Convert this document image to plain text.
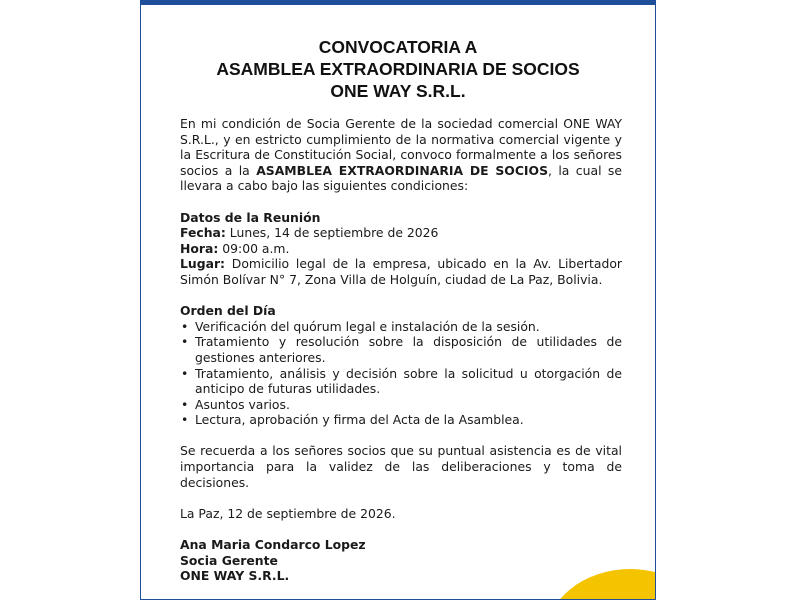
CONVOCATORIA A
ASAMBLEA EXTRAORDINARIA DE SOCIOS
ONE WAY S.R.L.

En mi condición de Socia Gerente de la sociedad comercial ONE WAY S.R.L., y en estricto cumplimiento de la normativa comercial vigente y la Escritura de Constitución Social, convoco formalmente a los señores socios a la ASAMBLEA EXTRAORDINARIA DE SOCIOS, la cual se llevara a cabo bajo las siguientes condiciones:

Datos de la Reunión
Fecha: Lunes, 14 de septiembre de 2026
Hora: 09:00 a.m.

Lugar: Domicilio legal de la empresa, ubicado en la Av. Libertador Simón Bolívar N° 7, Zona Villa de Holguín, ciudad de La Paz, Bolivia.

Orden del Día
• Verificación del quórum legal e instalación de la sesión.
• Tratamiento y resolución sobre la disposición de utilidades de gestiones anteriores.
• Tratamiento, análisis y decisión sobre la solicitud u otorgación de anticipo de futuras utilidades.
• Asuntos varios.
• Lectura, aprobación y firma del Acta de la Asamblea.

Se recuerda a los señores socios que su puntual asistencia es de vital importancia para la validez de las deliberaciones y toma de decisiones.

La Paz, 12 de septiembre de 2026.
Ana Maria Condarco Lopez
Socia Gerente
ONE WAY S.R.L.
